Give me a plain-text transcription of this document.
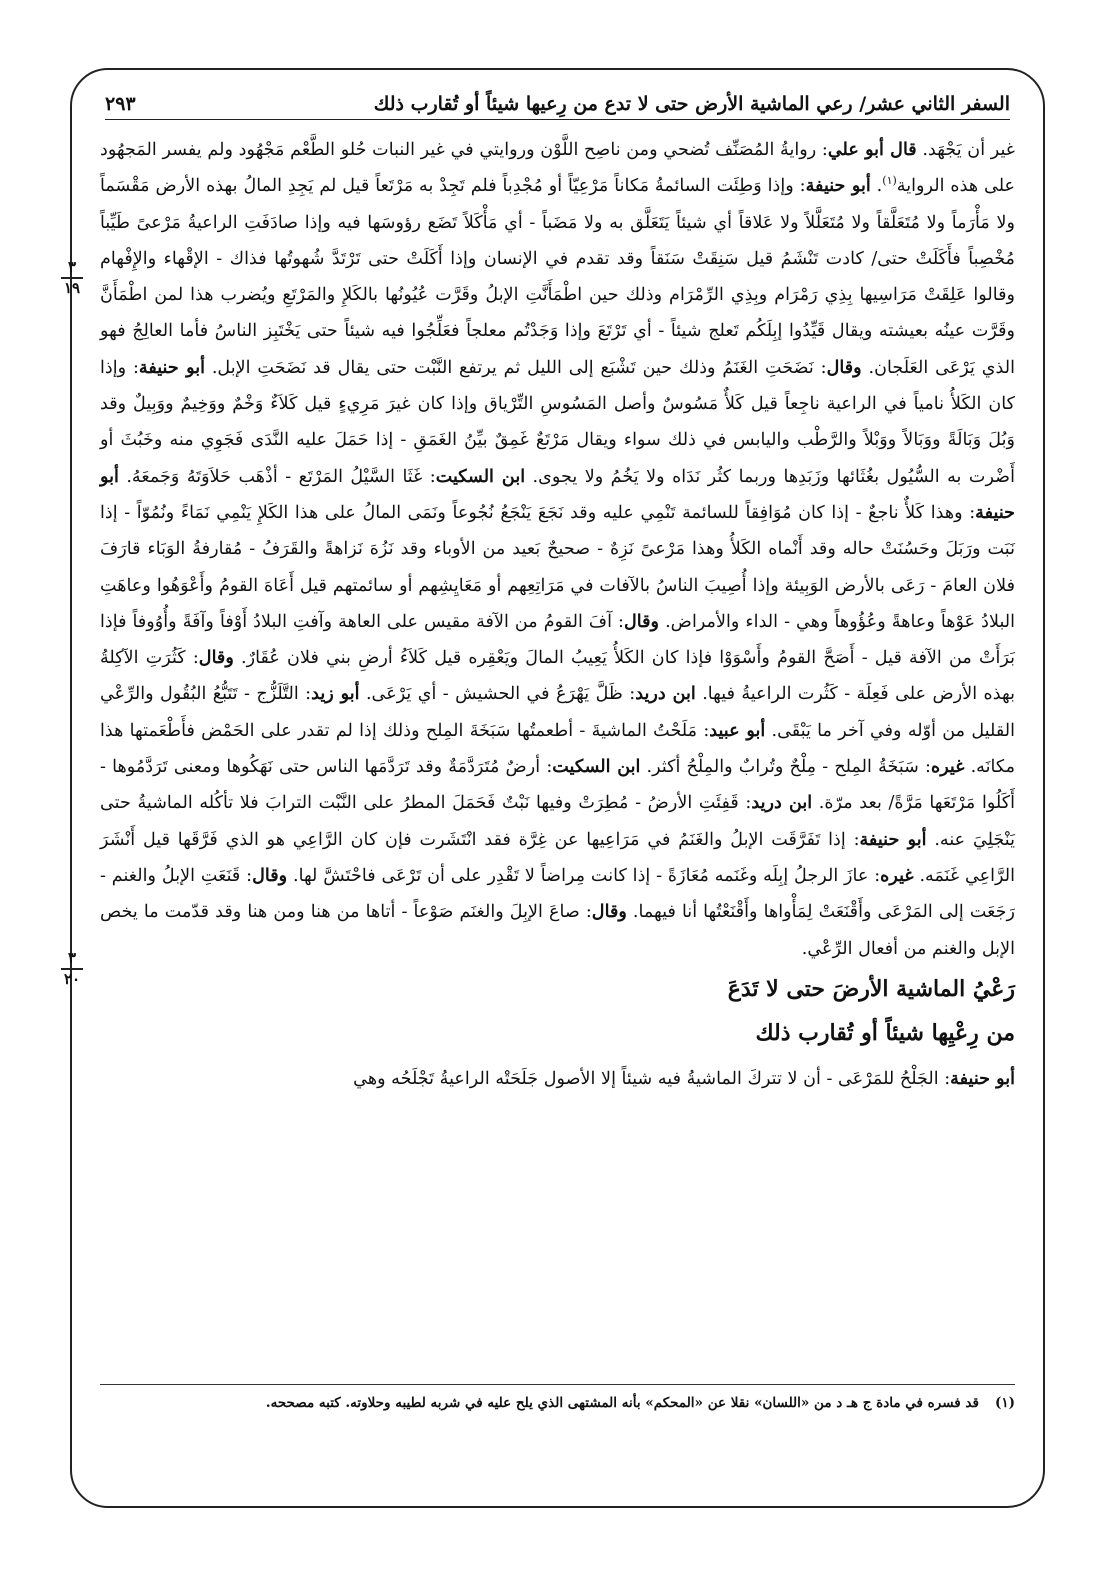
السفر الثاني عشر/ رعي الماشية الأرض حتى لا تدع من رِعيها شيئاً أو تُقارب ذلك
٢٩٣
٣
١٩
٣
٢٠

غير أن يَجْهَد. قال أبو علي: روايةُ المُصَنِّف تُضحي ومن ناصِح اللَّوْن وروايتي في غير النبات حُلو الطَّعْم مَجْهُود ولم يفسر المَجهُود على هذه الرواية$^{(١)}$. أبو حنيفة: وإذا وَطِئَت السائمةُ مَكاناً مَرْعِيّاً أو مُجْدِباً فلم تَجِدْ به مَرْتَعاً قيل لم يَجِدِ المالُ بهذه الأرض مَقْسَماً ولا مَأْرَماً ولا مُتَعَلَّقاً ولا مُتَعَلَّلاً ولا عَلاقاً أي شيئاً يَتَعَلَّق به ولا مَضَباً - أي مَأْكَلاً تَضَع رؤوسَها فيه وإذا صادَفَتِ الراعيةُ مَرْعىً طَيِّباً مُخْصِباً فأَكَلَتْ حتى/ كادت تَنْشَمُ قيل سَنِقَتْ سَنَقاً وقد تقدم في الإنسان وإذا أَكَلَتْ حتى تَرْتَدَّ شُهوتُها فذاك - الإقْهاء والإِفْهام وقالوا عَلِقَتْ مَرَاسِيها بِذِي رَمْرَام وبِذِي الرِّمْرَام وذلك حين اطْمَأَنَّتِ الإبلُ وقَرَّت عُيُونُها بالكَلإِ والمَرْتَعِ ويُضرب هذا لمن اطْمَأَنَّ وقَرَّت عينُه بعيشته ويقال قَيِّدُوا إبِلَكُم تَعلج شيئاً - أي تَرْتَعَ وإذا وَجَدْتُم معلجاً فعَلِّجُوا فيه شيئاً حتى يَخْتَبِز الناسُ فأما العالِجُ فهو الذي يَرْعَى العَلَجان. وقال: نَضَحَتِ الغَنَمُ وذلك حين تَشْبَع إلى الليل ثم يرتفع النَّبْت حتى يقال قد نَضَحَتِ الإبل. أبو حنيفة: وإذا كان الكَلأُ نامياً في الراعية ناجِعاً قيل كَلأٌ مَسُوسٌ وأصل المَسُوسِ التِّرْياق وإذا كان غيرَ مَرِيءٍ قيل كَلاَءٌ وَخْمٌ ووَخِيمٌ ووَبِيلٌ وقد وَبُلَ وَبَالَةً ووَبَالاً ووَبْلاً والرَّطْب واليابس في ذلك سواء ويقال مَرْتَعٌ غَمِقٌ بيِّنُ الغَمَقِ - إذا حَمَلَ عليه النَّدَى فَجَوِي منه وخَبُثَ أو أَضْرت به السُّيُول بغُثَائها وزَبَدِها وربما كثُر نَدَاه ولا يَخُمُ ولا يجوى. ابن السكيت: غَثَا السَّيْلُ المَرْتَع - أذْهَب حَلاَوَتَهُ وَجَمعَهُ. أبو حنيفة: وهذا كَلأٌ ناجعٌ - إذا كان مُوَافِقاً للسائمة تَنْمِي عليه وقد نَجَعَ يَنْجَعُ نُجُوعاً ونَمَى المالُ على هذا الكَلإِ يَنْمِي نَمَاءً ونُمُوّاً - إذا نَبَت ورَبَلَ وحَسُنَتْ حاله وقد أَنْماه الكَلأُ وهذا مَرْعىً نَزِهٌ - صحيحٌ بَعيد من الأوباء وقد نَزُهَ نَزاهةً والقَرَفُ - مُقارفةُ الوَبَاء قارَفَ فلان العامَ - رَعَى بالأرض الوَبِيئة وإذا أُصِيبَ الناسُ بالآفات في مَرَاتِعِهم أو مَعَايِشِهم أو سائمتهم قيل أَعَاهَ القومُ وأَعْوَهُوا وعاهَتِ البلادُ عَوْهاً وعاهةً وعُؤُوهاً وهي - الداء والأمراض. وقال: آفَ القومُ من الآفة مقيس على العاهة وآفتِ البلادُ أَوْفاً وآفَةً وأُوُوفاً فإذا بَرَأَتْ من الآفة قيل - أَصَحَّ القومُ وأَسْوَوْا فإذا كان الكَلأُ يَعِيبُ المالَ ويَعْقِره قيل كَلاَءُ أرضِ بني فلان عُقَارٌ. وقال: كَثُرَتِ الآكِلةُ بهذه الأرض على فَعِلَة - كَثُرت الراعيةُ فيها. ابن دريد: ظَلَّ يَهْرَعُ في الحشيش - أي يَرْعَى. أبو زيد: التَّلَزُّج - تَتَبُّعُ البُقُول والرِّعْي القليل من أوّله وفي آخر ما يَبْقَى. أبو عبيد: مَلَحْتُ الماشيةَ - أطعمتُها سَبَخَةَ المِلح وذلك إذا لم تقدر على الحَمْض فأَطْعَمتها هذا مكانَه. غيره: سَبَخَةُ المِلح - مِلْحٌ وتُرابٌ والمِلْحُ أكثر. ابن السكيت: أرضٌ مُتَرَدَّمَةٌ وقد تَرَدَّمَها الناس حتى نَهَكُوها ومعنى تَرَدَّمُوها - أَكَلُوا مَرْتَعَها مَرَّةً/ بعد مرّة. ابن دريد: قَفِئَتِ الأرضُ - مُطِرَتْ وفيها نَبْتٌ فَحَمَلَ المطرُ على النَّبْت الترابَ فلا تأكُله الماشيةُ حتى يَنْجَلِيَ عنه. أبو حنيفة: إذا تَفَرَّقَت الإبلُ والغَنَمُ في مَرَاعِيها عن غِرَّة فقد انْتَشَرت فإن كان الرَّاعِي هو الذي فَرَّقَها قيل أَنْشَرَ الرَّاعِي غَنَمَه. غيره: عازَ الرجلُ إبِلَه وغَنَمه مُعَازَةً - إذا كانت مِراضاً لا تَقْدِر على أن تَرْعَى فاحْتَشَّ لها. وقال: قَنَعَتِ الإبلُ والغنم - رَجَعَت إلى المَرْعَى وأَقْنَعَتْ لِمَأْواها وأَقْنَعْتُها أنا فيهما. وقال: صاعَ الإبِلَ والغنَم صَوْعاً - أتاها من هنا ومن هنا وقد قدّمت ما يخص الإبل والغنم من أفعال الرِّعْي.

رَعْيُ الماشية الأرضَ حتى لا تَدَعَ

من رِعْيِها شيئاً أو تُقارب ذلك

أبو حنيفة: الجَلْحُ للمَرْعَى - أن لا تتركَ الماشيةُ فيه شيئاً إلا الأصول جَلَحَتْه الراعيةُ تَجْلَحُه وهي

(١)قد فسره في مادة ج هـ د من «اللسان» نقلا عن «المحكم» بأنه المشتهى الذي يلح عليه في شربه لطيبه وحلاوته. كتبه مصححه.
